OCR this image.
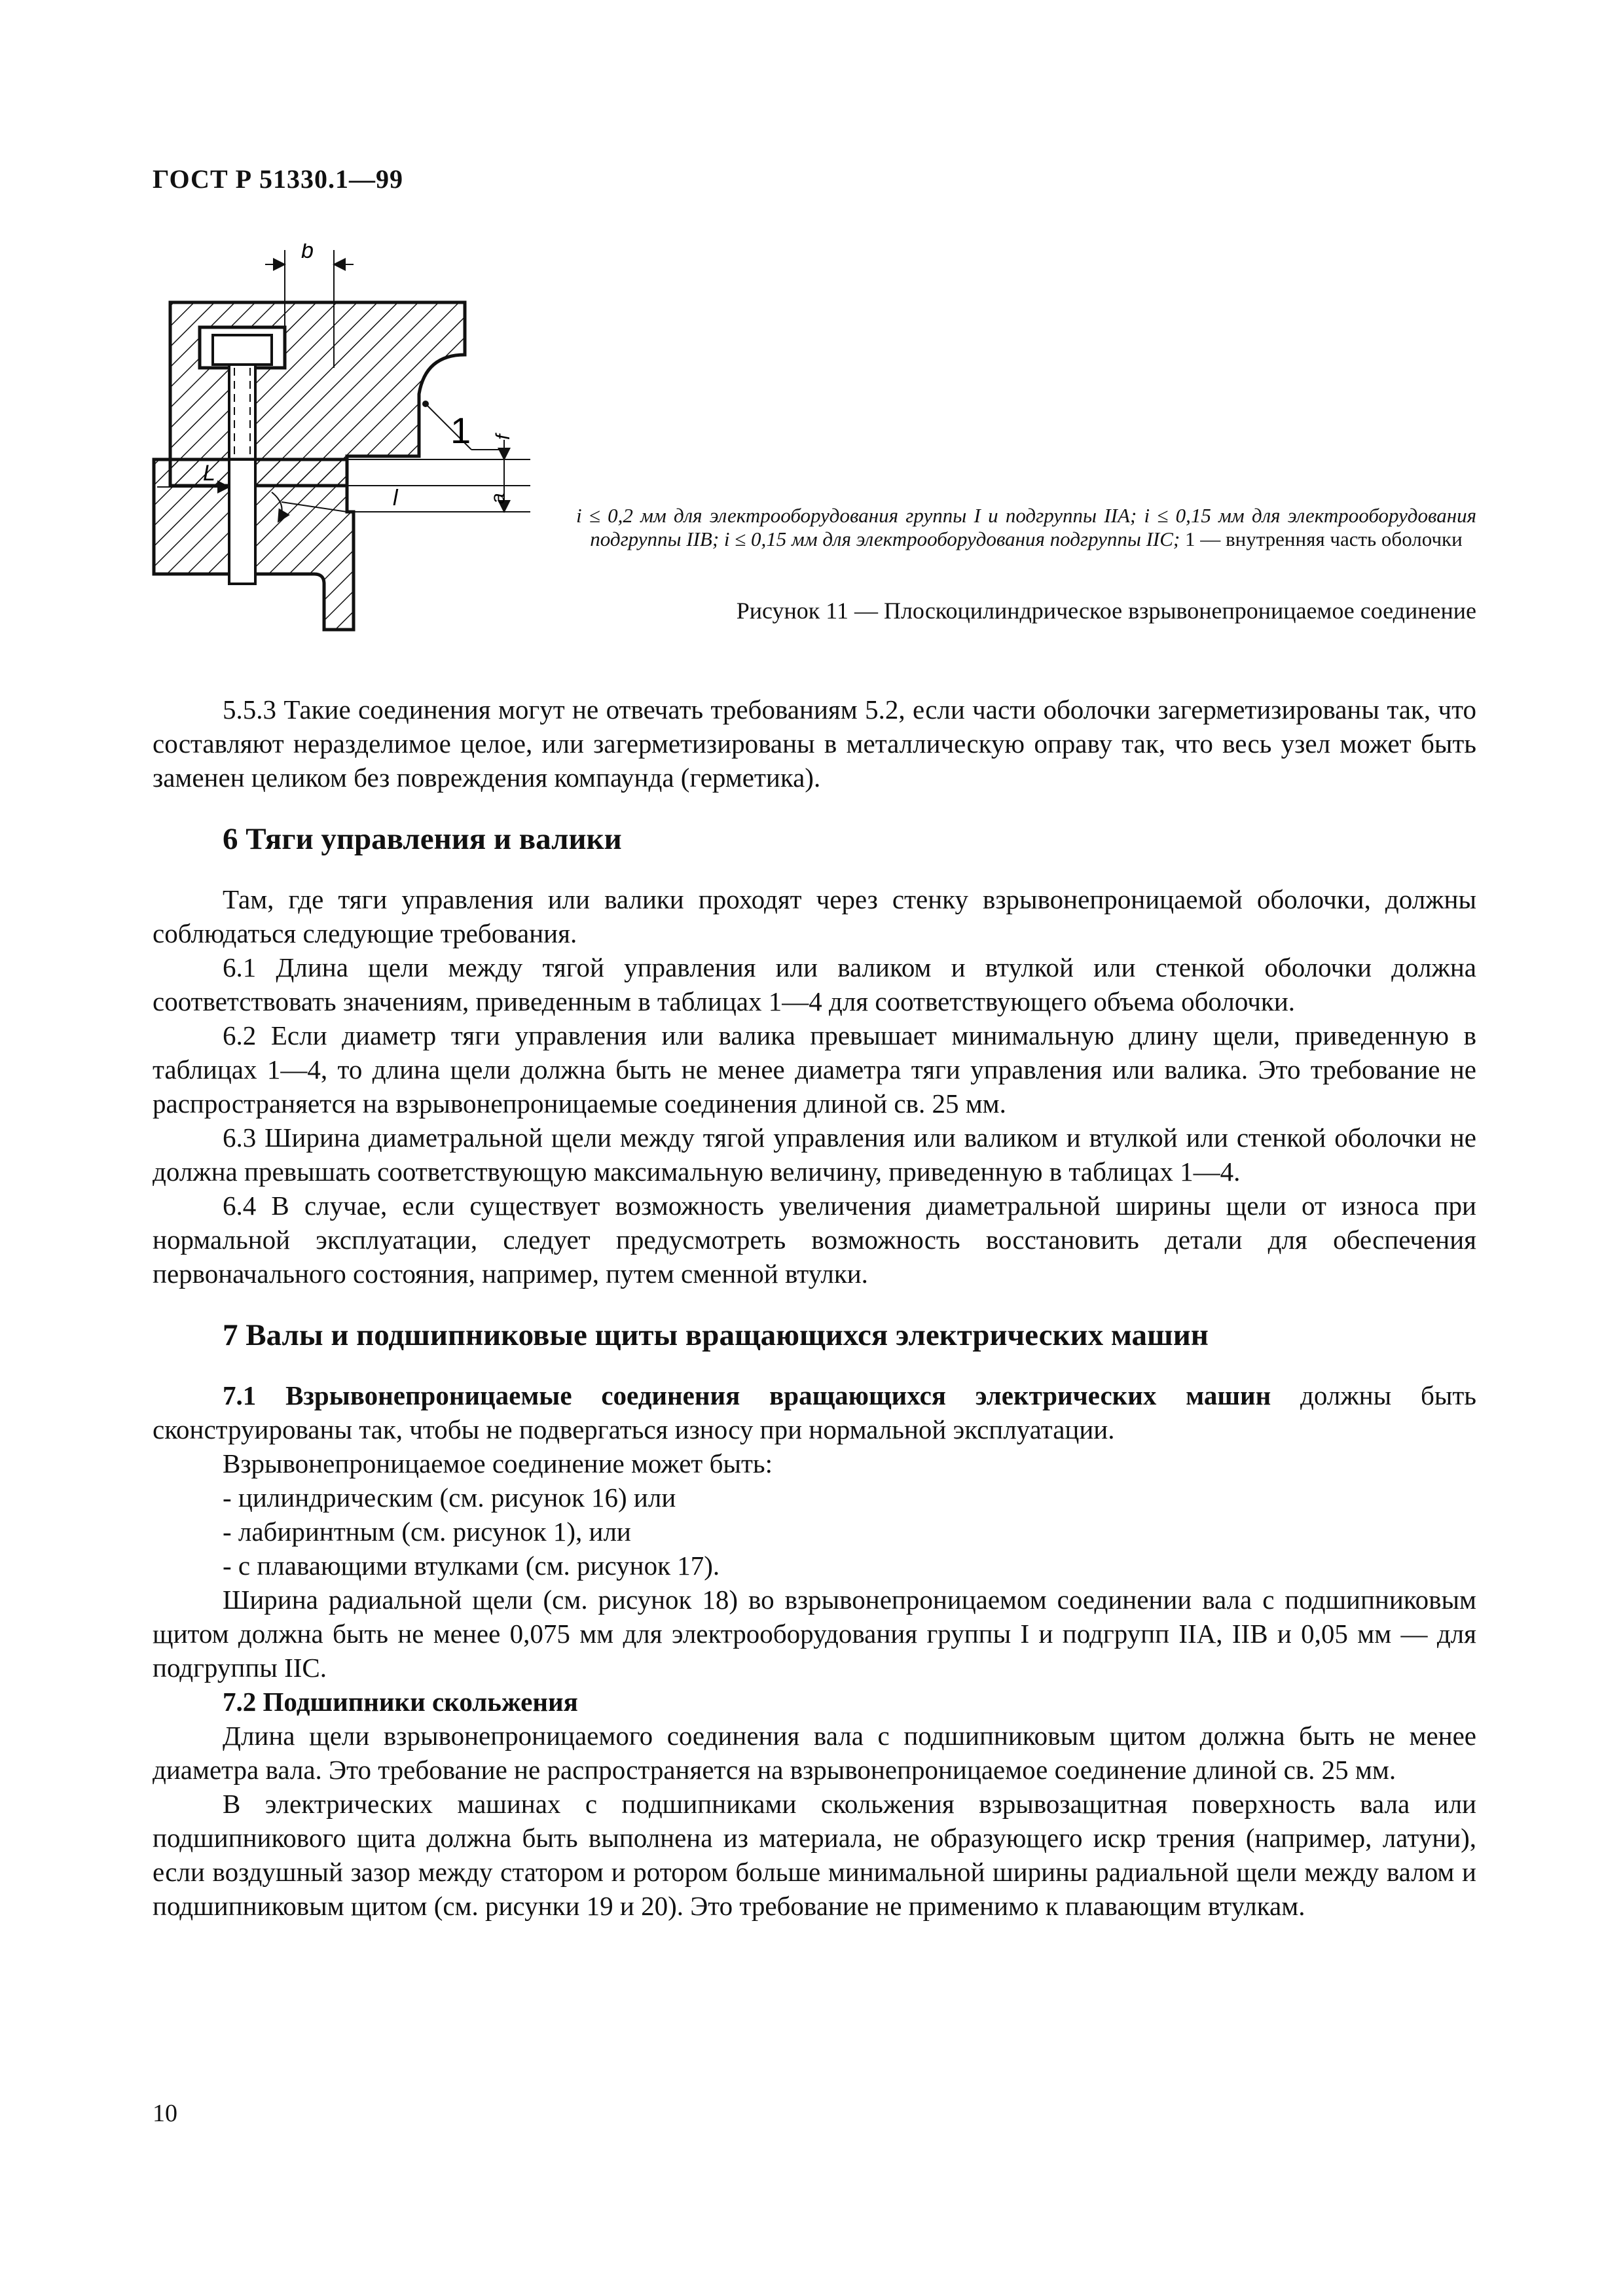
ГОСТ Р 51330.1—99
b
1 f
L
l	a
i ≤ 0,2 мм для электрооборудования группы I и подгруппы IIA; i ≤ 0,15 мм для электрооборудования подгруппы IIB; i ≤ 0,15 мм для электрооборудования подгруппы IIC; 1 — внутренняя часть оболочки
Рисунок 11 — Плоскоцилиндрическое взрывонепроницаемое соединение

5.5.3 Такие соединения могут не отвечать требованиям 5.2, если части оболочки загерметизированы так, что составляют неразделимое целое, или загерметизированы в металлическую оправу так, что весь узел может быть заменен целиком без повреждения компаунда (герметика).

6 Тяги управления и валики

Там, где тяги управления или валики проходят через стенку взрывонепроницаемой оболочки, должны соблюдаться следующие требования.

6.1 Длина щели между тягой управления или валиком и втулкой или стенкой оболочки должна соответствовать значениям, приведенным в таблицах 1—4 для соответствующего объема оболочки.

6.2 Если диаметр тяги управления или валика превышает минимальную длину щели, приведенную в таблицах 1—4, то длина щели должна быть не менее диаметра тяги управления или валика. Это требование не распространяется на взрывонепроницаемые соединения длиной св. 25 мм.

6.3 Ширина диаметральной щели между тягой управления или валиком и втулкой или стенкой оболочки не должна превышать соответствующую максимальную величину, приведенную в таблицах 1—4.

6.4 В случае, если существует возможность увеличения диаметральной ширины щели от износа при нормальной эксплуатации, следует предусмотреть возможность восстановить детали для обеспечения первоначального состояния, например, путем сменной втулки.

7 Валы и подшипниковые щиты вращающихся электрических машин

7.1 Взрывонепроницаемые соединения вращающихся электрических машин должны быть сконструированы так, чтобы не подвергаться износу при нормальной эксплуатации.

Взрывонепроницаемое соединение может быть:

- цилиндрическим (см. рисунок 16) или

- лабиринтным (см. рисунок 1), или

- с плавающими втулками (см. рисунок 17).

Ширина радиальной щели (см. рисунок 18) во взрывонепроницаемом соединении вала с подшипниковым щитом должна быть не менее 0,075 мм для электрооборудования группы I и подгрупп IIA, IIB и 0,05 мм — для подгруппы IIC.

7.2 Подшипники скольжения

Длина щели взрывонепроницаемого соединения вала с подшипниковым щитом должна быть не менее диаметра вала. Это требование не распространяется на взрывонепроницаемое соединение длиной св. 25 мм.

В электрических машинах с подшипниками скольжения взрывозащитная поверхность вала или подшипникового щита должна быть выполнена из материала, не образующего искр трения (например, латуни), если воздушный зазор между статором и ротором больше минимальной ширины радиальной щели между валом и подшипниковым щитом (см. рисунки 19 и 20). Это требование не применимо к плавающим втулкам.

10
